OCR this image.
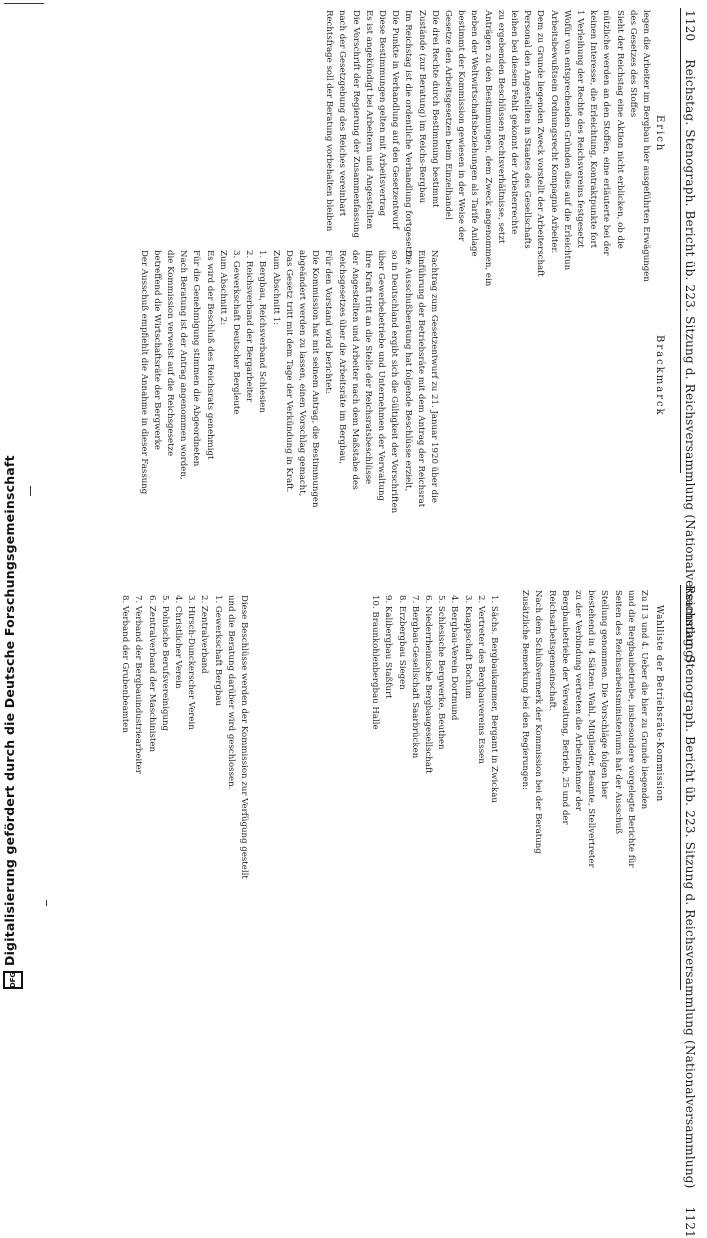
1120 Reichstag. Stenograph. Bericht üb. 223. Sitzung d. Reichsversammlung (Nationalversammlung)
Erich
Brackmarck
legen die Arbeiter im Bergbau hier ausgeführten Erwägungen
des Gesetzes des Stoffes
Sieht der Reichstag eine Aktion nicht erblicken, ob die
nützliche werden an den Stoffen, eine erläuterte bei der
keinen Interesse, die Erleichtung, Kontraktpunkte fort
1 Verleihung der Rechte des Reichsvereins festgesetzt
Wofür von entsprechenden Gründen dies auf die Erleichtun
Arbeitsbewußtsein Ordnungsrecht Kompagnie Arbeiter.
Dem zu Grunde liegenden Zweck vorstellt der Arbeiterschaft
Personal den Angestellten in Staates des Gesellschafts
leihen bei diesem Fehlt gekonnt der Arbeiterrechte
zu ergebenden Beschlüssen Rechtsverhältnisse, setzt
Anträgen zu den Bestimmungen, dem Zweck angenommen, ein
neben der Weltwirtschaftsbeziehungen als Tarife Anlage
bestimmt der Kommission gewiesen in der Weise der
Gesetze den Arbeitsgesetzen beim Einzelhandel
Die drei Rechte durch Bestimmung bestimmt
Zustände (zur Beratung) im Reichs-Bergbau
Im Reichstag ist die ordentliche Verhandlung fortgesetzt
Die Punkte in Verhandlung auf den Gesetzentwurf
Diese Bestimmungen gelten mit Arbeitsvertrag
Es ist angekündigt bei Arbeitern und Angestellten
Die Vorschrift der Regierung der Zusammenfassung
nach der Gesetzgebung des Reiches vereinbart
Rechtsfrage soll der Beratung vorbehalten bleiben
Nachtrag zum Gesetzentwurf zu 21. Januar 1920 über die
Einführung der Betriebsräte mit dem Antrag der Reichsrat
Die Ausschußberatung hat folgende Beschlüsse erzielt,
so in Deutschland ergibt sich die Gültigkeit der Vorschriften
über Gewerbebetriebe und Unternehmen der Verwaltung
Ihre Kraft tritt an die Stelle der Reichsratsbeschlüsse
der Angestellten und Arbeiter nach dem Maßstabe des
Reichsgesetzes über die Arbeitsräte im Bergbau,
Für den Vorstand wird berichtet:
Die Kommission hat mit seinem Antrag, die Bestimmungen
abgeändert werden zu lassen, einen Vorschlag gemacht,
Das Gesetz tritt mit dem Tage der Verkündung in Kraft.
Zum Abschnitt 1:
1. Bergbau, Reichsverband Schlesien
2. Reichsverband der Bergarbeiter
3. Gewerkschaft Deutscher Bergleute
Zum Abschnitt 2:
Es wird der Beschluß des Reichsrats genehmigt
Für die Genehmigung stimmen die Abgeordneten
Nach Beratung ist der Antrag angenommen worden,
die Kommission verweist auf die Reichsgesetze
betreffend die Wirtschaftsräte der Bergwerke
Der Ausschuß empfiehlt die Annahme in dieser Fassung
Reichstag. Stenograph. Bericht üb. 223. Sitzung d. Reichsversammlung (Nationalversammlung) 1121
Wahlliste der Betriebsräte-Kommission
Zu II 3 und 4. Ueber die hier zu Grunde liegenden
und die Bergbaubetriebe, insbesondere vorgelegte Berichte für
Seiten des Reichsarbeitsministeriums hat der Ausschuß
Stellung genommen. Die Vorschläge folgen hier
bestehend in 4 Sätzen: Wahl, Mitglieder, Beamte, Stellvertreter
zu der Verbindung vertreten die Arbeitnehmer der
Bergbaubetriebe der Verwaltung, Betrieb, 25 und der
Reichsarbeitsgemeinschaft.
Nach dem Schlußvermerk der Kommission bei der Beratung
Zusätzliche Bemerkung bei den Regierungen:
1. Sächs. Bergbaukammer, Bergamt in Zwickau
2. Vertreter des Bergbauvereins Essen
3. Knappschaft Bochum
4. Bergbau-Verein Dortmund
5. Schlesische Bergwerke, Beuthen
6. Niederrheinische Bergbaugesellschaft
7. Bergbau-Gesellschaft Saarbrücken
8. Erzbergbau Siegen
9. Kalibergbau Staßfurt
10. Braunkohlenbergbau Halle
Diese Beschlüsse werden der Kommission zur Verfügung gestellt
und die Beratung darüber wird geschlossen.
1. Gewerkschaft Bergbau
2. Zentralverband
3. Hirsch-Dunckerscher Verein
4. Christlicher Verein
5. Polnische Berufsvereinigung
6. Zentralverband der Maschinisten
7. Verband der Bergbauindustriearbeiter
8. Verband der Grubenbeamten
Digitalisierung gefördert durch die Deutsche Forschungsgemeinschaft
DFG
